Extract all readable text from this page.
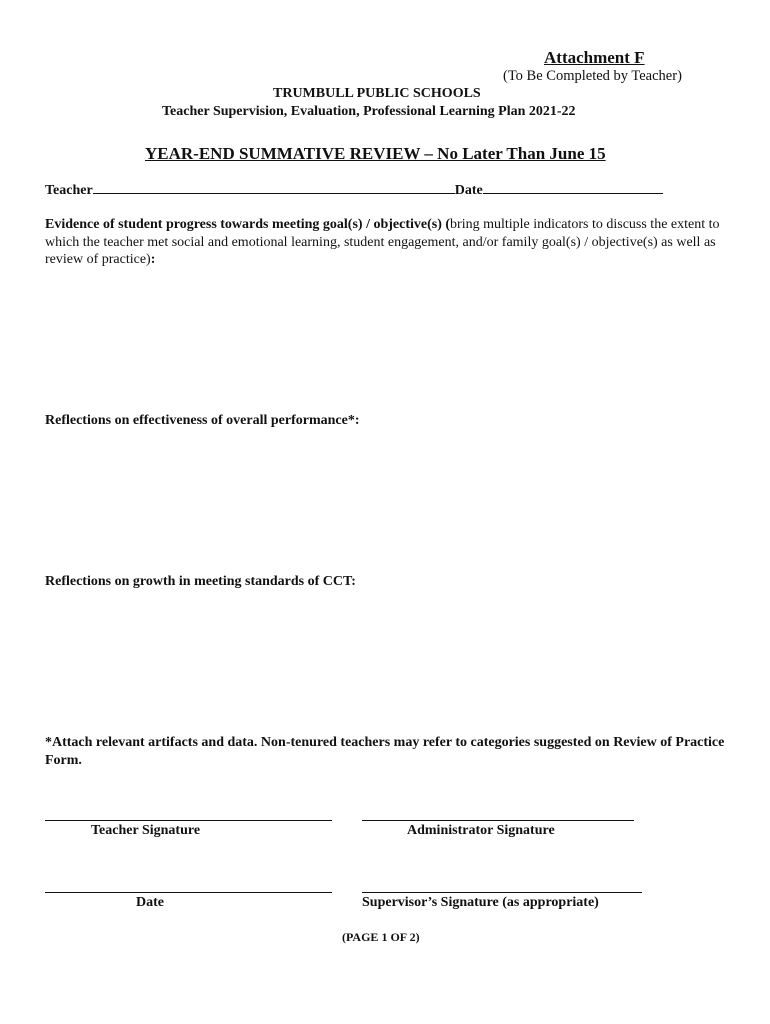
Attachment F
(To Be Completed by Teacher)
TRUMBULL PUBLIC SCHOOLS
Teacher Supervision, Evaluation, Professional Learning Plan 2021-22
YEAR-END SUMMATIVE REVIEW – No Later Than June 15
Teacher	Date
Evidence of student progress towards meeting goal(s) / objective(s) (bring multiple indicators to discuss the extent to which the teacher met social and emotional learning, student engagement, and/or family goal(s) / objective(s) as well as review of practice):
Reflections on effectiveness of overall performance*:
Reflections on growth in meeting standards of CCT:
*Attach relevant artifacts and data. Non-tenured teachers may refer to categories suggested on Review of Practice Form.
Teacher Signature	Administrator Signature
Date	Supervisor’s Signature (as appropriate)
(PAGE 1 OF 2)
